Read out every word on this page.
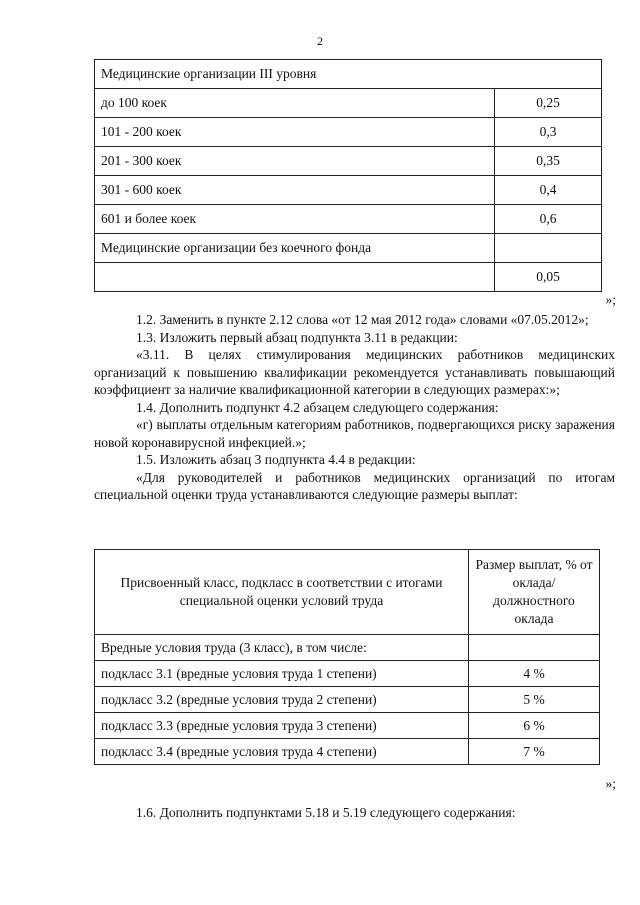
2
Медицинские организации III уровня	
до 100 коек	0,25
101 - 200 коек	0,3
201 - 300 коек	0,35
301 - 600 коек	0,4
601 и более коек	0,6
Медицинские организации без коечного фонда	
	0,05
»;

1.2. Заменить в пункте 2.12 слова «от 12 мая 2012 года» словами «07.05.2012»;

1.3. Изложить первый абзац подпункта 3.11 в редакции:

«3.11. В целях стимулирования медицинских работников медицинских организаций к повышению квалификации рекомендуется устанавливать повышающий коэффициент за наличие квалификационной категории в следующих размерах:»;

1.4. Дополнить подпункт 4.2 абзацем следующего содержания:

«г) выплаты отдельным категориям работников, подвергающихся риску заражения новой коронавирусной инфекцией.»;

1.5. Изложить абзац 3 подпункта 4.4 в редакции:

«Для руководителей и работников медицинских организаций по итогам специальной оценки труда устанавливаются следующие размеры выплат:

Присвоенный класс, подкласс в соответствии с итогами специальной оценки условий труда	Размер выплат, % от оклада/должностного оклада
Вредные условия труда (3 класс), в том числе:	
подкласс 3.1 (вредные условия труда 1 степени)	4 %
подкласс 3.2 (вредные условия труда 2 степени)	5 %
подкласс 3.3 (вредные условия труда 3 степени)	6 %
подкласс 3.4 (вредные условия труда 4 степени)	7 %
»;

1.6. Дополнить подпунктами 5.18 и 5.19 следующего содержания:
